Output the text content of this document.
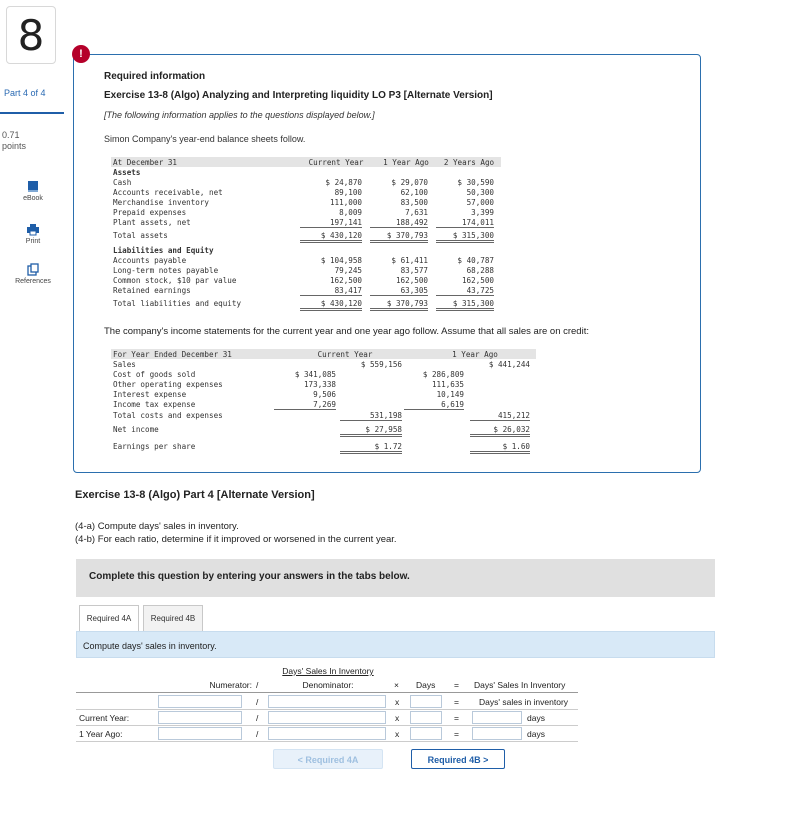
8
Part 4 of 4
0.71
points
eBook
Print
References
!
Required information
Exercise 13-8 (Algo) Analyzing and Interpreting liquidity LO P3 [Alternate Version]
[The following information applies to the questions displayed below.]
Simon Company's year-end balance sheets follow.
At December 31	Current Year	1 Year Ago	2 Years Ago
Assets
Cash	$ 24,870	$ 29,070	$ 30,590
Accounts receivable, net	89,100	62,100	50,300
Merchandise inventory	111,000	83,500	57,000
Prepaid expenses	8,009	7,631	3,399
Plant assets, net	197,141	188,492	174,011
Total assets	$ 430,120	$ 370,793	$ 315,300
Liabilities and Equity
Accounts payable	$ 104,958	$ 61,411	$ 40,787
Long-term notes payable	79,245	83,577	68,288
Common stock, $10 par value	162,500	162,500	162,500
Retained earnings	83,417	63,305	43,725
Total liabilities and equity	$ 430,120	$ 370,793	$ 315,300
The company's income statements for the current year and one year ago follow. Assume that all sales are on credit:
For Year Ended December 31	Current Year	1 Year Ago
Sales	$ 559,156	$ 441,244
Cost of goods sold	$ 341,085	$ 286,809
Other operating expenses	173,338	111,635
Interest expense	9,506	10,149
Income tax expense	7,269	6,619
Total costs and expenses	531,198	415,212
Net income	$ 27,958	$ 26,032
Earnings per share	$ 1.72	$ 1.60
Exercise 13-8 (Algo) Part 4 [Alternate Version]
(4-a) Compute days' sales in inventory.
(4-b) For each ratio, determine if it improved or worsened in the current year.
Complete this question by entering your answers in the tabs below.
Required 4A	Required 4B
Compute days' sales in inventory.
Days' Sales In Inventory
Numerator: /	Denominator:	× Days = Days' Sales In Inventory
/	x	= Days' sales in inventory
Current Year:	/	x	=	days
1 Year Ago:	/	x	=	days
< Required 4A	Required 4B >
